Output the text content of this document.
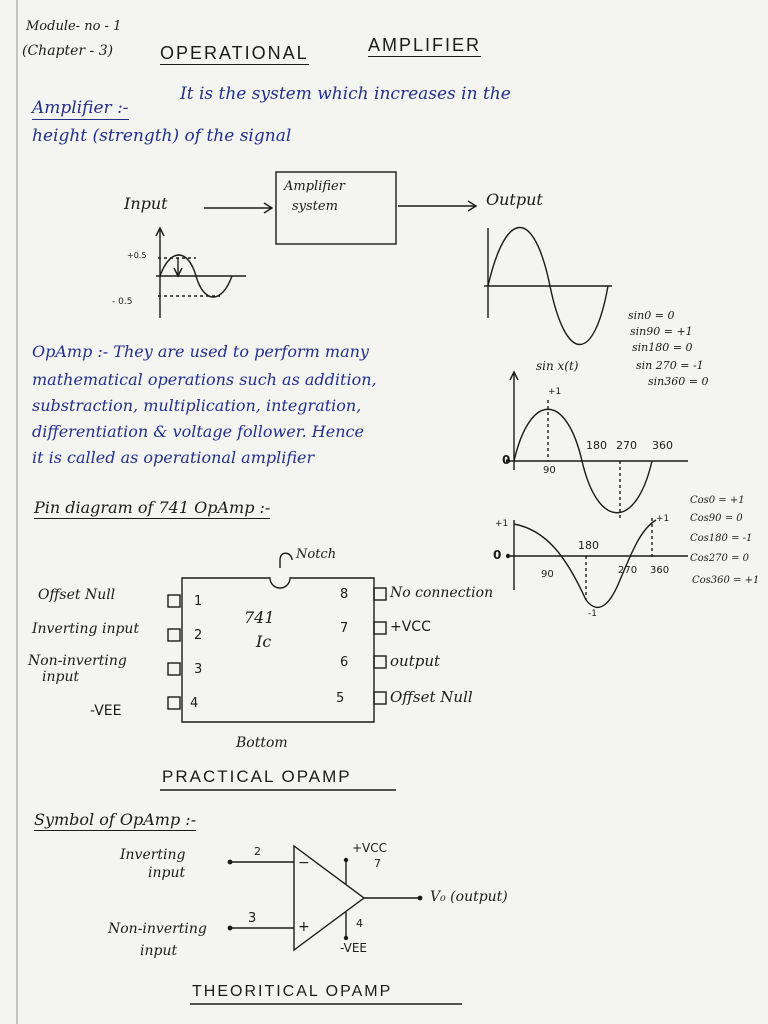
Module- no - 1
(Chapter - 3)	OPERATIONAL	AMPLIFIER
Amplifier :-
It is the system which increases in the
height (strength) of the signal
Input
Amplifier
system	Output
+0.5
- 0.5
sin0 = 0
sin90 = +1
sin180 = 0
sin 270 = -1
sin360 = 0
Cos0 = +1
Cos90 = 0
Cos180 = -1
Cos270 = 0
Cos360 = +1
sin x(t)
+1
0
90
180 270 360
+1	+1
0
90
180
270 360
-1
OpAmp :- They are used to perform many
mathematical operations such as addition,
substraction, multiplication, integration,
differentiation & voltage follower. Hence
it is called as operational amplifier
Pin diagram of 741 OpAmp :-
Notch
741
Ic
Bottom
1
2
3
4
Offset Null
Inverting input
Non-inverting
input
-VEE
8
7
6
5
No connection
+VCC
output
Offset Null
PRACTICAL OPAMP
Symbol of OpAmp :-
Inverting
input
Non-inverting
input
2
3
−
+
+VCC
7
4
-VEE
V₀ (output)
THEORITICAL OPAMP
